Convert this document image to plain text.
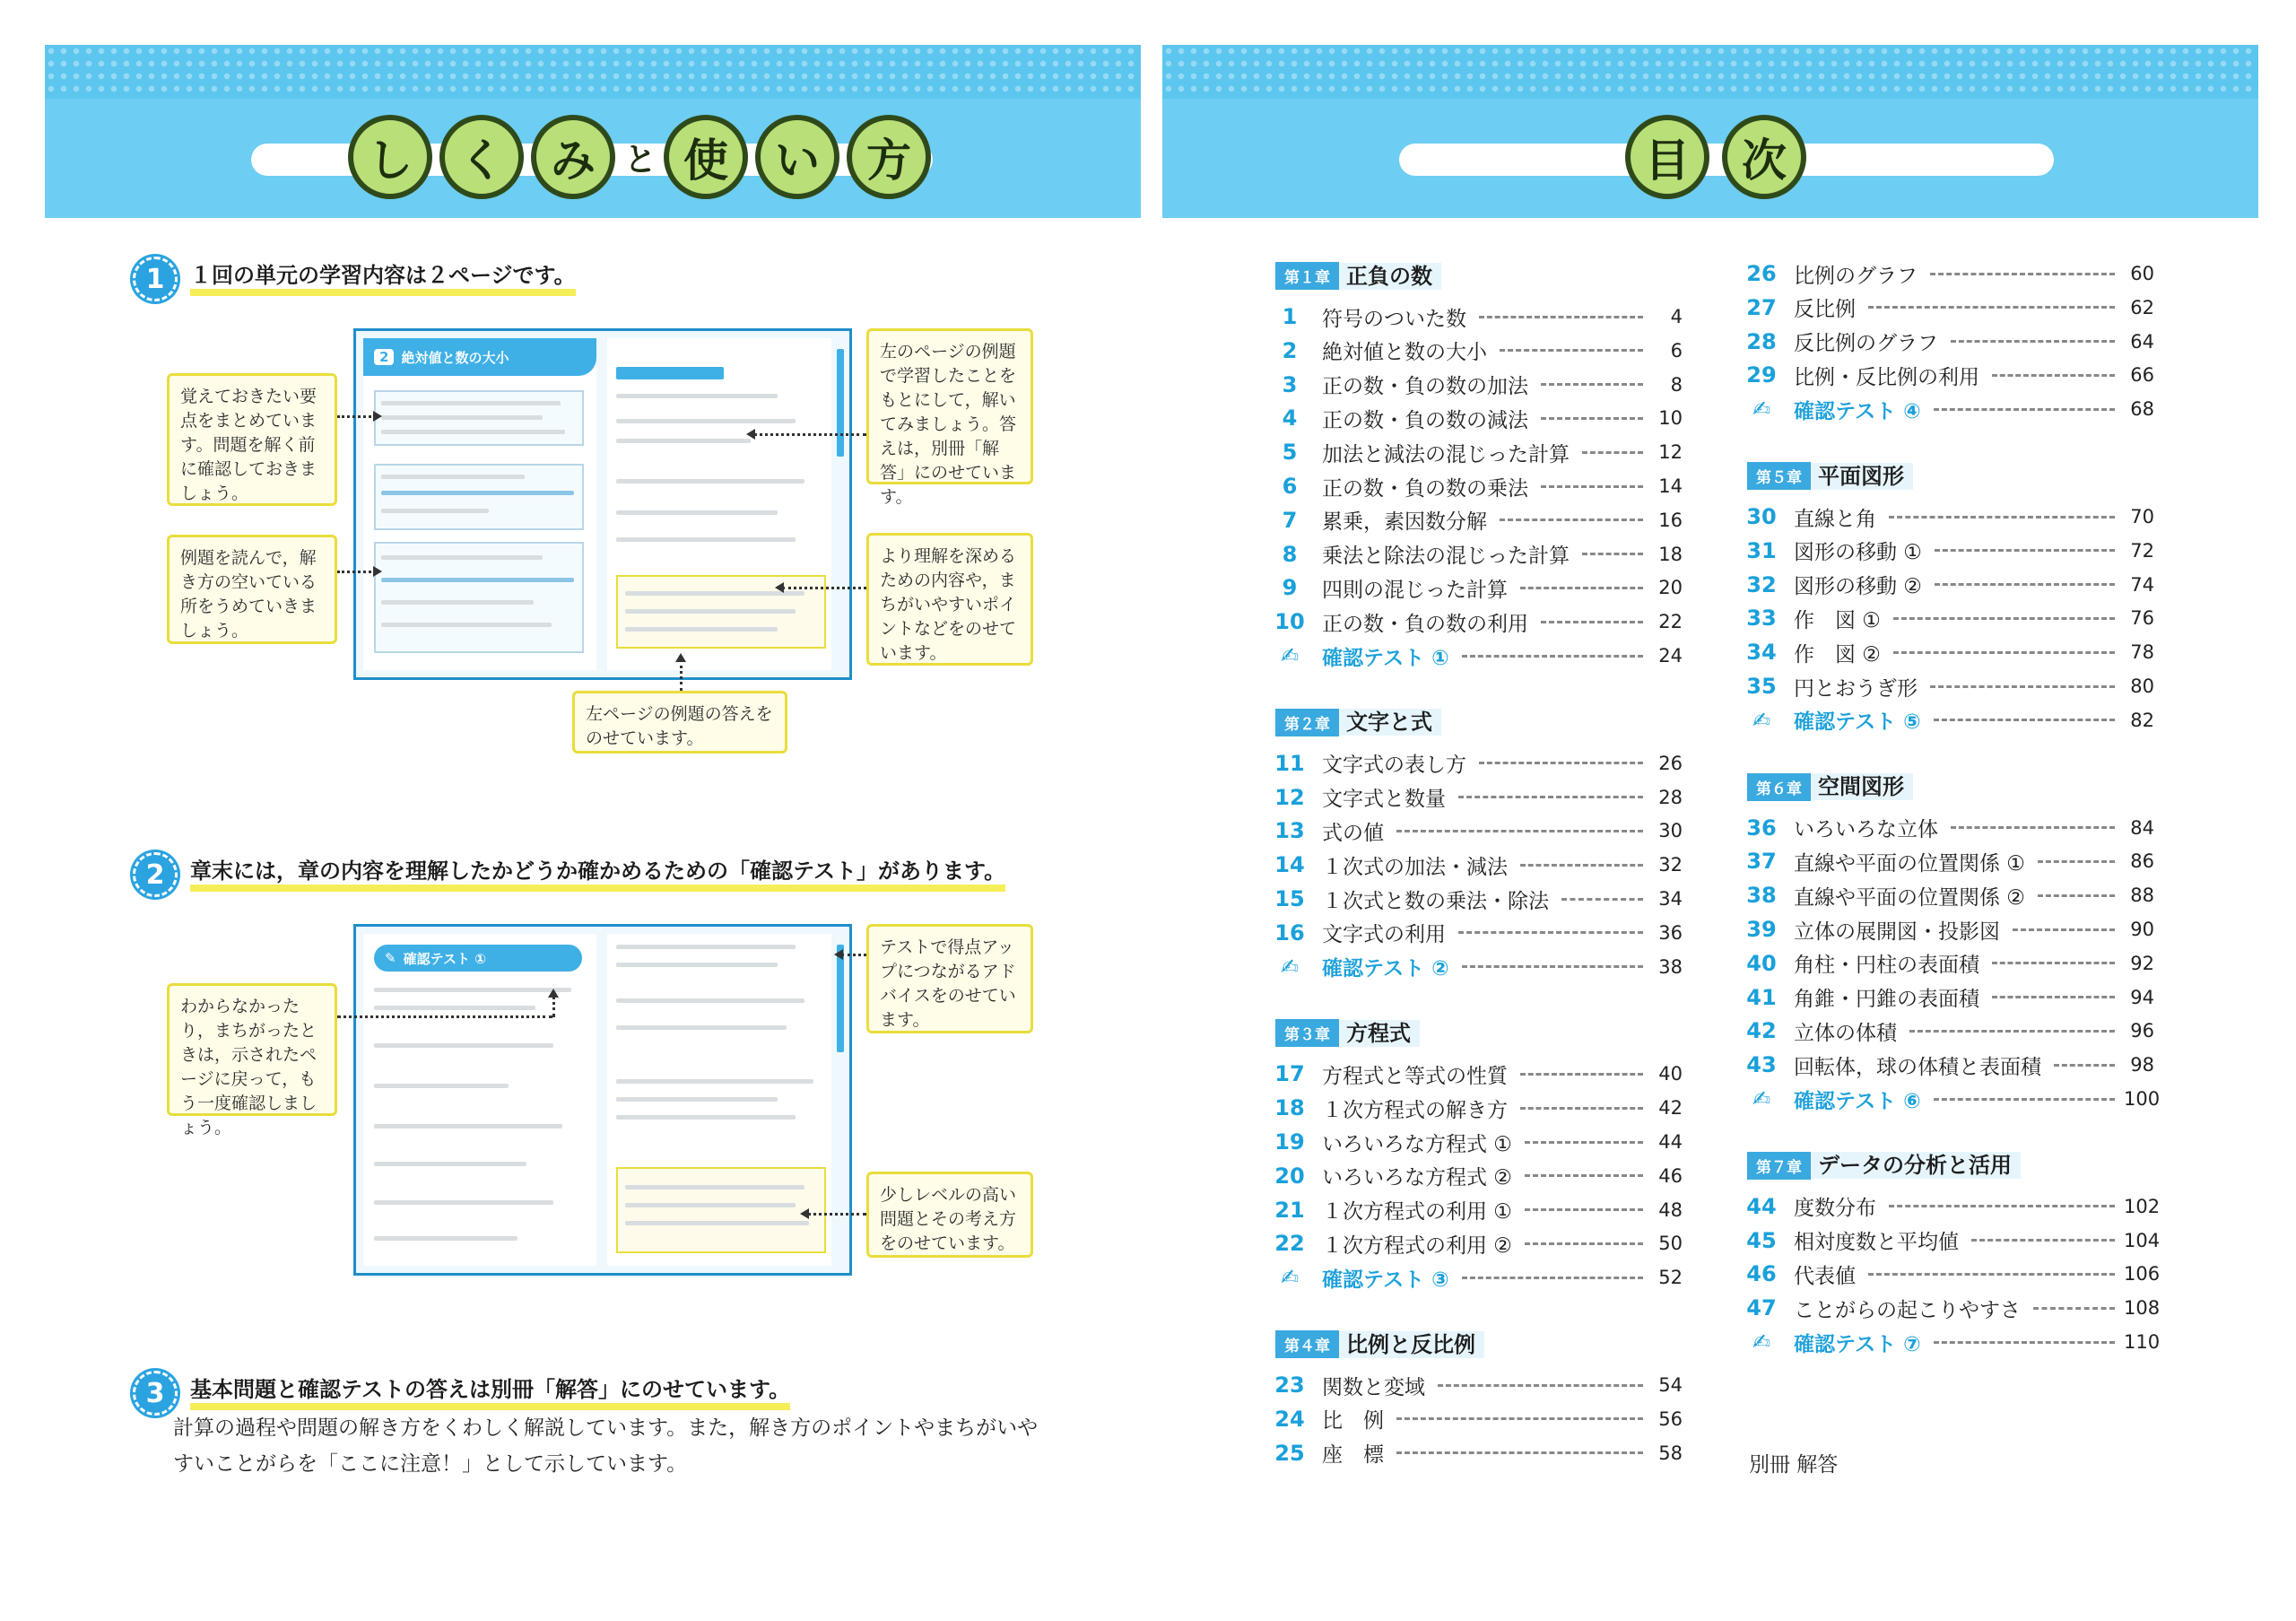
し	く	み と 使	い	方	目	次
1	１回の単元の学習内容は２ページです。
2 絶対値と数の大小
覚えておきたい要点をまとめています。問題を解く前に確認しておきましょう。
例題を読んで，解き方の空いている所をうめていきましょう。
左のページの例題で学習したことをもとにして，解いてみましょう。答えは，別冊「解答」にのせています。
より理解を深めるための内容や，まちがいやすいポイントなどをのせています。
左ページの例題の答えをのせています。
2	章末には，章の内容を理解したかどうか確かめるための「確認テスト」があります。
✎ 確認テスト ①
わからなかったり，まちがったときは，示されたページに戻って，もう一度確認しましょう。
テストで得点アップにつながるアドバイスをのせています。
少しレベルの高い問題とその考え方をのせています。
3	基本問題と確認テストの答えは別冊「解答」にのせています。
計算の過程や問題の解き方をくわしく解説しています。また，解き方のポイントやまちがいやすいことがらを「ここに注意！」として示しています。
第１章 正負の数
1	符号のついた数	4
2	絶対値と数の大小	6
3	正の数・負の数の加法	8
4	正の数・負の数の減法	10
5	加法と減法の混じった計算	12
6	正の数・負の数の乗法	14
7	累乗，素因数分解	16
8	乗法と除法の混じった計算	18
9	四則の混じった計算	20
10 正の数・負の数の利用	22
✍	確認テスト ①	24
第２章 文字と式
11 文字式の表し方	26
12 文字式と数量	28
13 式の値	30
14 １次式の加法・減法	32
15 １次式と数の乗法・除法	34
16 文字式の利用	36
✍	確認テスト ②	38
第３章 方程式
17 方程式と等式の性質	40
18 １次方程式の解き方	42
19 いろいろな方程式 ①	44
20 いろいろな方程式 ②	46
21 １次方程式の利用 ①	48
22 １次方程式の利用 ②	50
✍	確認テスト ③	52
第４章 比例と反比例
23 関数と変域	54
24 比　例	56
25 座　標	58
26 比例のグラフ	60
27 反比例	62
28 反比例のグラフ	64
29 比例・反比例の利用	66
✍	確認テスト ④	68
第５章 平面図形
30 直線と角	70
31 図形の移動 ①	72
32 図形の移動 ②	74
33 作　図 ①	76
34 作　図 ②	78
35 円とおうぎ形	80
✍	確認テスト ⑤	82
第６章 空間図形
36 いろいろな立体	84
37 直線や平面の位置関係 ①	86
38 直線や平面の位置関係 ②	88
39 立体の展開図・投影図	90
40 角柱・円柱の表面積	92
41 角錐・円錐の表面積	94
42 立体の体積	96
43 回転体，球の体積と表面積	98
✍	確認テスト ⑥	100
第７章 データの分析と活用
44 度数分布	102
45 相対度数と平均値	104
46 代表値	106
47 ことがらの起こりやすさ	108
✍	確認テスト ⑦	110
別冊 解答
